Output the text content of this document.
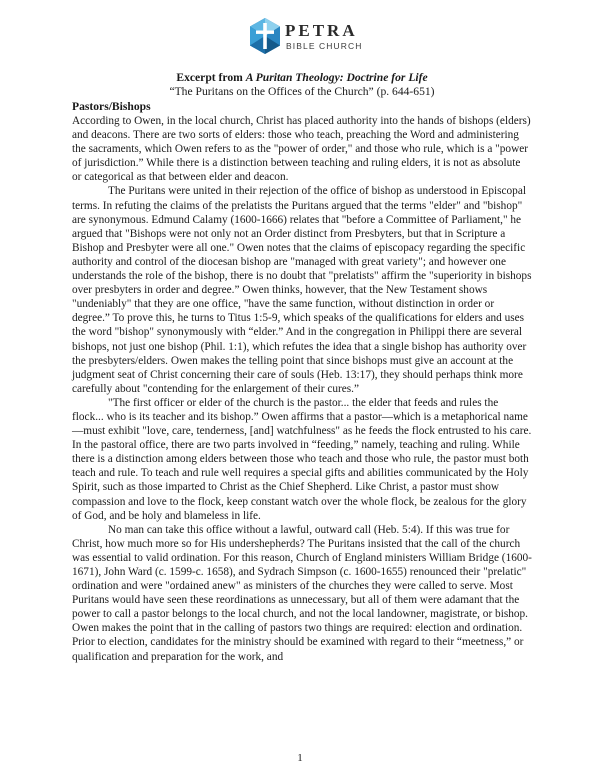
PETRA
BIBLE CHURCH
Excerpt from A Puritan Theology: Doctrine for Life
“The Puritans on the Offices of the Church” (p. 644-651)
Pastors/Bishops

According to Owen, in the local church, Christ has placed authority into the hands of bishops (elders) and deacons. There are two sorts of elders: those who teach, preaching the Word and administering the sacraments, which Owen refers to as the "power of order," and those who rule, which is a "power of jurisdiction.” While there is a distinction between teaching and ruling elders, it is not as absolute or categorical as that between elder and deacon.

The Puritans were united in their rejection of the office of bishop as understood in Episcopal terms. In refuting the claims of the prelatists the Puritans argued that the terms "elder" and "bishop" are synonymous. Edmund Calamy (1600-1666) relates that "before a Committee of Parliament," he argued that "Bishops were not only not an Order distinct from Presbyters, but that in Scripture a Bishop and Presbyter were all one." Owen notes that the claims of episcopacy regarding the specific authority and control of the diocesan bishop are "managed with great variety"; and however one understands the role of the bishop, there is no doubt that "prelatists" affirm the "superiority in bishops over presbyters in order and degree.” Owen thinks, however, that the New Testament shows "undeniably" that they are one office, "have the same function, without distinction in order or degree.” To prove this, he turns to Titus 1:5-9, which speaks of the qualifications for elders and uses the word "bishop" synonymously with “elder.” And in the congregation in Philippi there are several bishops, not just one bishop (Phil. 1:1), which refutes the idea that a single bishop has authority over the presbyters/elders. Owen makes the telling point that since bishops must give an account at the judgment seat of Christ concerning their care of souls (Heb. 13:17), they should perhaps think more carefully about "contending for the enlargement of their cures.”

"The first officer or elder of the church is the pastor... the elder that feeds and rules the flock... who is its teacher and its bishop.” Owen affirms that a pastor—which is a metaphorical name—must exhibit "love, care, tenderness, [and] watchfulness" as he feeds the flock entrusted to his care. In the pastoral office, there are two parts involved in “feeding,” namely, teaching and ruling. While there is a distinction among elders between those who teach and those who rule, the pastor must both teach and rule. To teach and rule well requires a special gifts and abilities communicated by the Holy Spirit, such as those imparted to Christ as the Chief Shepherd. Like Christ, a pastor must show compassion and love to the flock, keep constant watch over the whole flock, be zealous for the glory of God, and be holy and blameless in life.

No man can take this office without a lawful, outward call (Heb. 5:4). If this was true for Christ, how much more so for His undershepherds? The Puritans insisted that the call of the church was essential to valid ordination. For this reason, Church of England ministers William Bridge (1600-1671), John Ward (c. 1599-c. 1658), and Sydrach Simpson (c. 1600-1655) renounced their "prelatic" ordination and were "ordained anew" as ministers of the churches they were called to serve. Most Puritans would have seen these reordinations as unnecessary, but all of them were adamant that the power to call a pastor belongs to the local church, and not the local landowner, magistrate, or bishop. Owen makes the point that in the calling of pastors two things are required: election and ordination. Prior to election, candidates for the ministry should be examined with regard to their “meetness,” or qualification and preparation for the work, and

1
